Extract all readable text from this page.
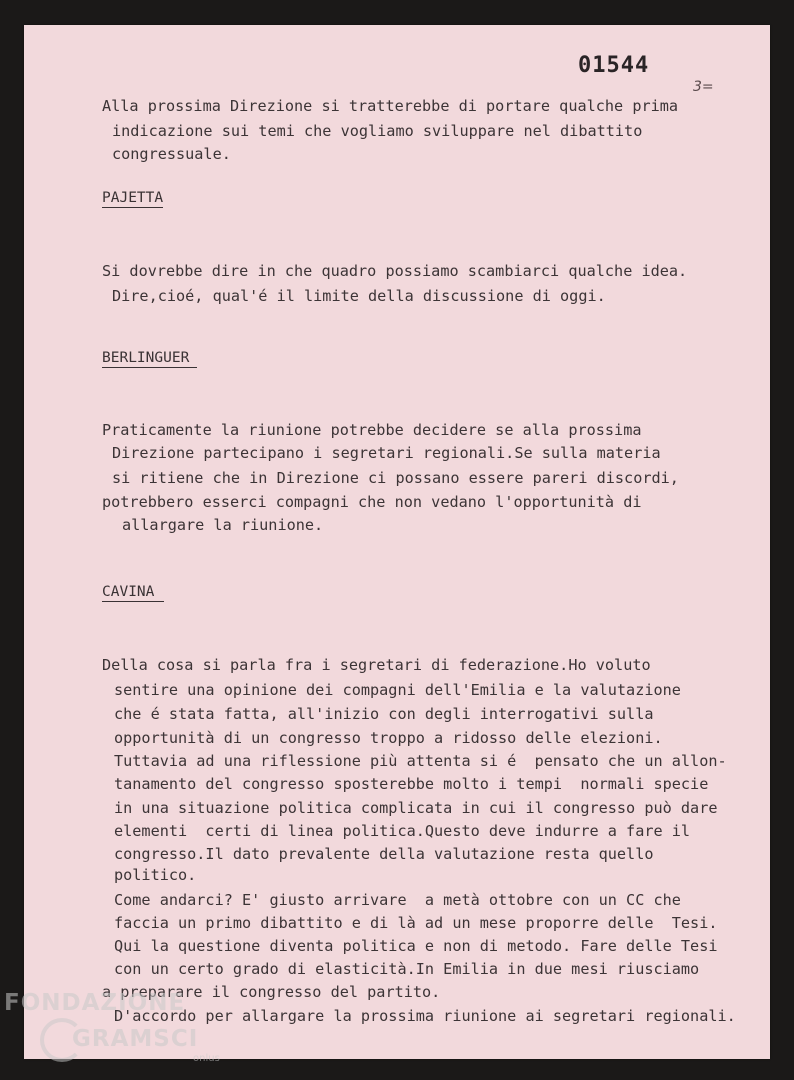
01544
3=
Alla prossima Direzione si tratterebbe di portare qualche prima
indicazione sui temi che vogliamo sviluppare nel dibattito
congressuale.
PAJETTA
Si dovrebbe dire in che quadro possiamo scambiarci qualche idea.
Dire,cioé, qual'é il limite della discussione di oggi.
BERLINGUER
Praticamente la riunione potrebbe decidere se alla prossima
Direzione partecipano i segretari regionali.Se sulla materia
si ritiene che in Direzione ci possano essere pareri discordi,
potrebbero esserci compagni che non vedano l'opportunità di
allargare la riunione.
CAVINA
Della cosa si parla fra i segretari di federazione.Ho voluto
sentire una opinione dei compagni dell'Emilia e la valutazione
che é stata fatta, all'inizio con degli interrogativi sulla
opportunità di un congresso troppo a ridosso delle elezioni.
Tuttavia ad una riflessione più attenta si é  pensato che un allon-
tanamento del congresso sposterebbe molto i tempi  normali specie
in una situazione politica complicata in cui il congresso può dare
elementi  certi di linea politica.Questo deve indurre a fare il
congresso.Il dato prevalente della valutazione resta quello
politico.
Come andarci? E' giusto arrivare  a metà ottobre con un CC che
faccia un primo dibattito e di là ad un mese proporre delle  Tesi.
Qui la questione diventa politica e non di metodo. Fare delle Tesi
con un certo grado di elasticità.In Emilia in due mesi riusciamo
a preparare il congresso del partito.
D'accordo per allargare la prossima riunione ai segretari regionali.
FONDAZIONE
GRAMSCI
onlus
